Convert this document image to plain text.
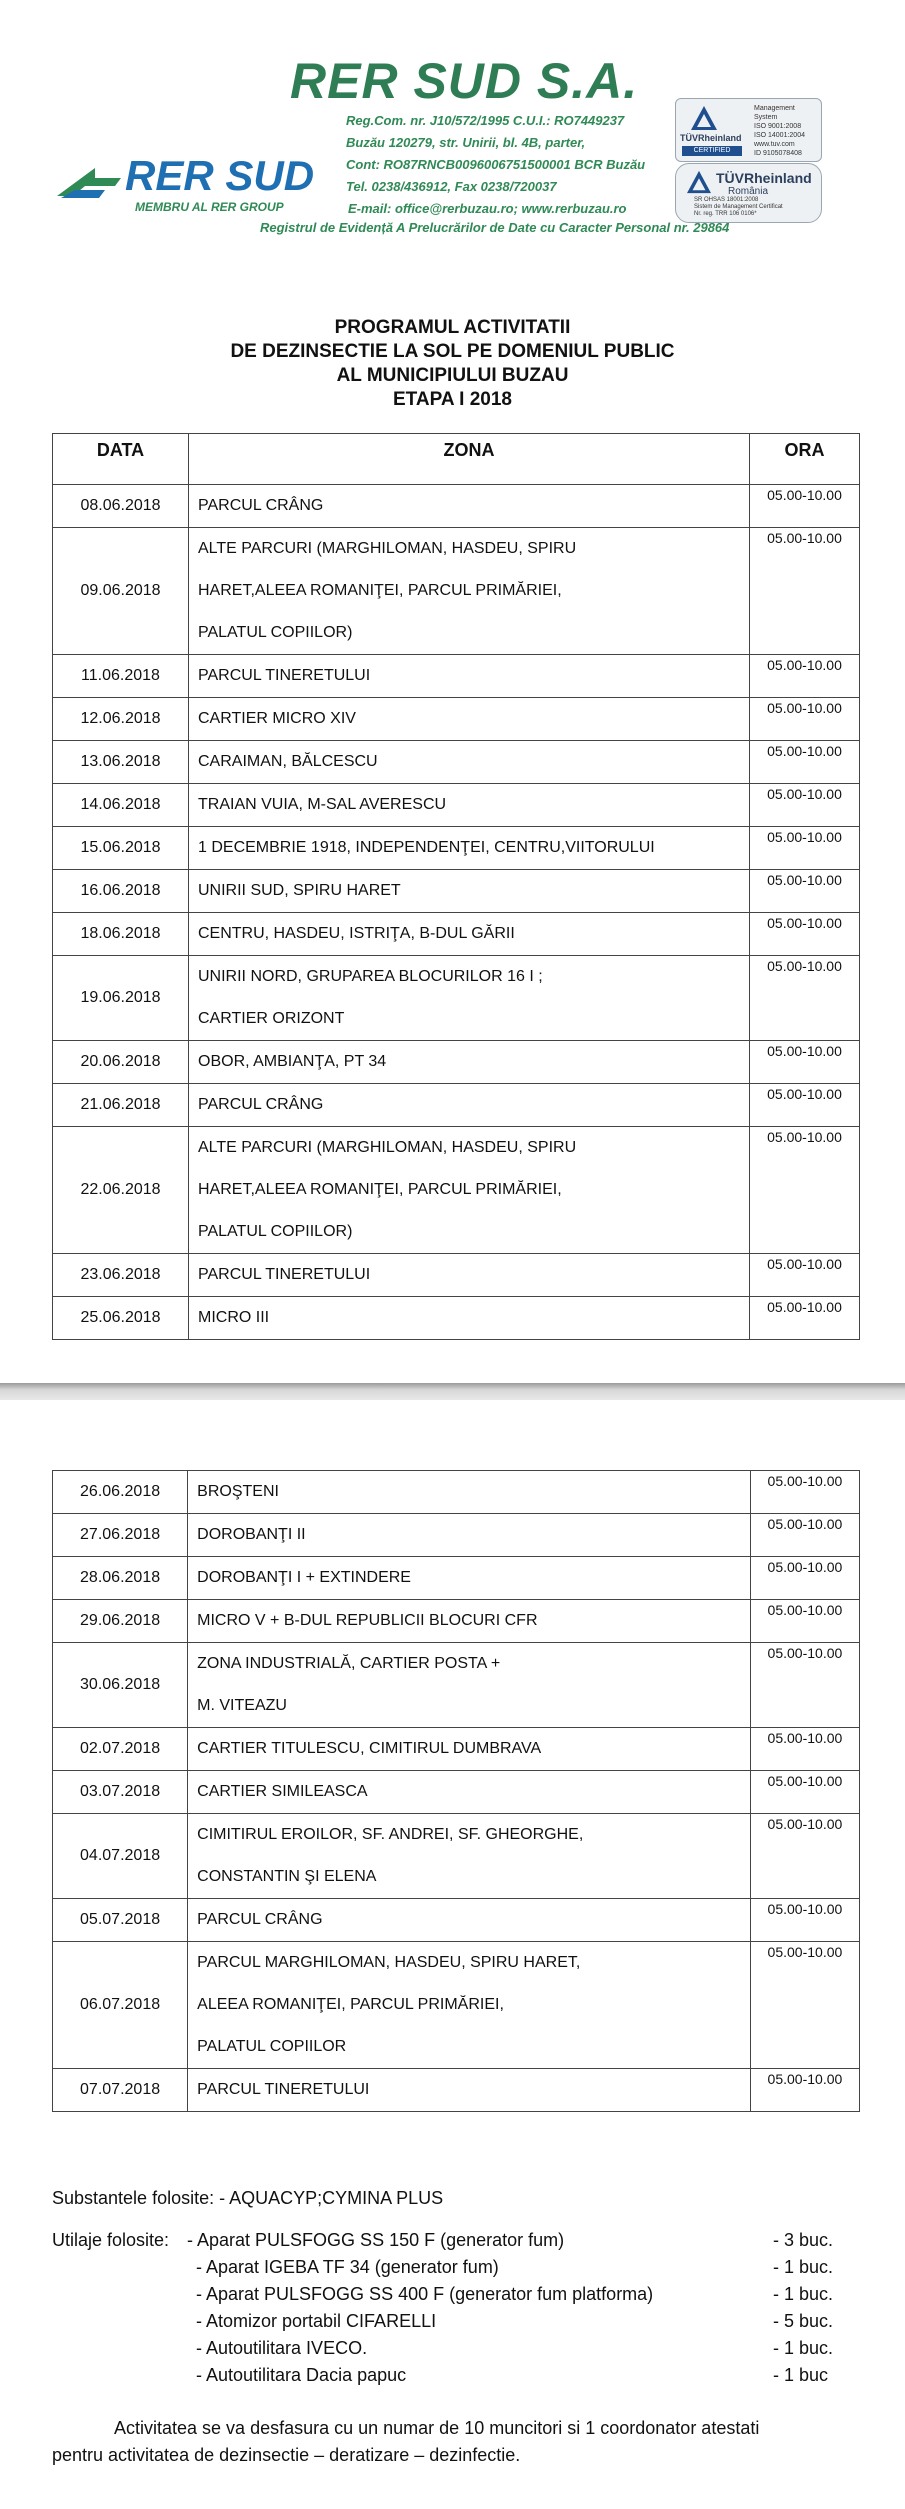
RER SUD S.A.
RER SUD
MEMBRU AL RER GROUP
Reg.Com. nr. J10/572/1995 C.U.I.: RO7449237
Buzău 120279, str. Unirii, bl. 4B, parter,
Cont: RO87RNCB0096006751500001 BCR Buzău
Tel. 0238/436912, Fax 0238/720037
E-mail: office@rerbuzau.ro; www.rerbuzau.ro
TÜVRheinland
CERTIFIED
Management
System
ISO 9001:2008
ISO 14001:2004
www.tuv.com
ID 9105078408
TÜVRheinland
România
SR OHSAS 18001:2008
Sistem de Management Certificat
Nr. reg. TRR 106 0106*
Registrul de Evidență A Prelucrărilor de Date cu Caracter Personal nr. 29864
PROGRAMUL ACTIVITATII
DE DEZINSECTIE LA SOL PE DOMENIUL PUBLIC
AL MUNICIPIULUI BUZAU
ETAPA I 2018
DATA	ZONA	ORA
08.06.2018	PARCUL CRÂNG	05.00-10.00
09.06.2018	ALTE PARCURI (MARGHILOMAN, HASDEU, SPIRU
HARET,ALEEA ROMANIŢEI, PARCUL PRIMĂRIEI,
PALATUL COPIILOR)	05.00-10.00
11.06.2018	PARCUL TINERETULUI	05.00-10.00
12.06.2018	CARTIER MICRO XIV	05.00-10.00
13.06.2018	CARAIMAN, BĂLCESCU	05.00-10.00
14.06.2018	TRAIAN VUIA, M-SAL AVERESCU	05.00-10.00
15.06.2018	1 DECEMBRIE 1918, INDEPENDENŢEI, CENTRU,VIITORULUI	05.00-10.00
16.06.2018	UNIRII SUD, SPIRU HARET	05.00-10.00
18.06.2018	CENTRU, HASDEU, ISTRIŢA, B-DUL GĂRII	05.00-10.00
19.06.2018	UNIRII NORD, GRUPAREA BLOCURILOR 16 I ;
CARTIER ORIZONT	05.00-10.00
20.06.2018	OBOR, AMBIANŢA, PT 34	05.00-10.00
21.06.2018	PARCUL CRÂNG	05.00-10.00
22.06.2018	ALTE PARCURI (MARGHILOMAN, HASDEU, SPIRU
HARET,ALEEA ROMANIŢEI, PARCUL PRIMĂRIEI,
PALATUL COPIILOR)	05.00-10.00
23.06.2018	PARCUL TINERETULUI	05.00-10.00
25.06.2018	MICRO III	05.00-10.00
26.06.2018	BROŞTENI	05.00-10.00
27.06.2018	DOROBANŢI II	05.00-10.00
28.06.2018	DOROBANŢI I + EXTINDERE	05.00-10.00
29.06.2018	MICRO V + B-DUL REPUBLICII BLOCURI CFR	05.00-10.00
30.06.2018	ZONA INDUSTRIALĂ, CARTIER POSTA +
M. VITEAZU	05.00-10.00
02.07.2018	CARTIER TITULESCU, CIMITIRUL DUMBRAVA	05.00-10.00
03.07.2018	CARTIER SIMILEASCA	05.00-10.00
04.07.2018	CIMITIRUL EROILOR, SF. ANDREI, SF. GHEORGHE,
CONSTANTIN ŞI ELENA	05.00-10.00
05.07.2018	PARCUL CRÂNG	05.00-10.00
06.07.2018	PARCUL MARGHILOMAN, HASDEU, SPIRU HARET,
ALEEA ROMANIŢEI, PARCUL PRIMĂRIEI,
PALATUL COPIILOR	05.00-10.00
07.07.2018	PARCUL TINERETULUI	05.00-10.00
Substantele folosite: - AQUACYP;CYMINA PLUS
Utilaje folosite: - Aparat PULSFOGG SS 150 F (generator fum)	- 3 buc.
- Aparat IGEBA TF 34 (generator fum)	- 1 buc.
- Aparat PULSFOGG SS 400 F (generator fum platforma)	- 1 buc.
- Atomizor portabil CIFARELLI	- 5 buc.
- Autoutilitara IVECO.	- 1 buc.
- Autoutilitara Dacia papuc	- 1 buc
Activitatea se va desfasura cu un numar de 10 muncitori si 1 coordonator atestati
pentru activitatea de dezinsectie – deratizare – dezinfectie.
